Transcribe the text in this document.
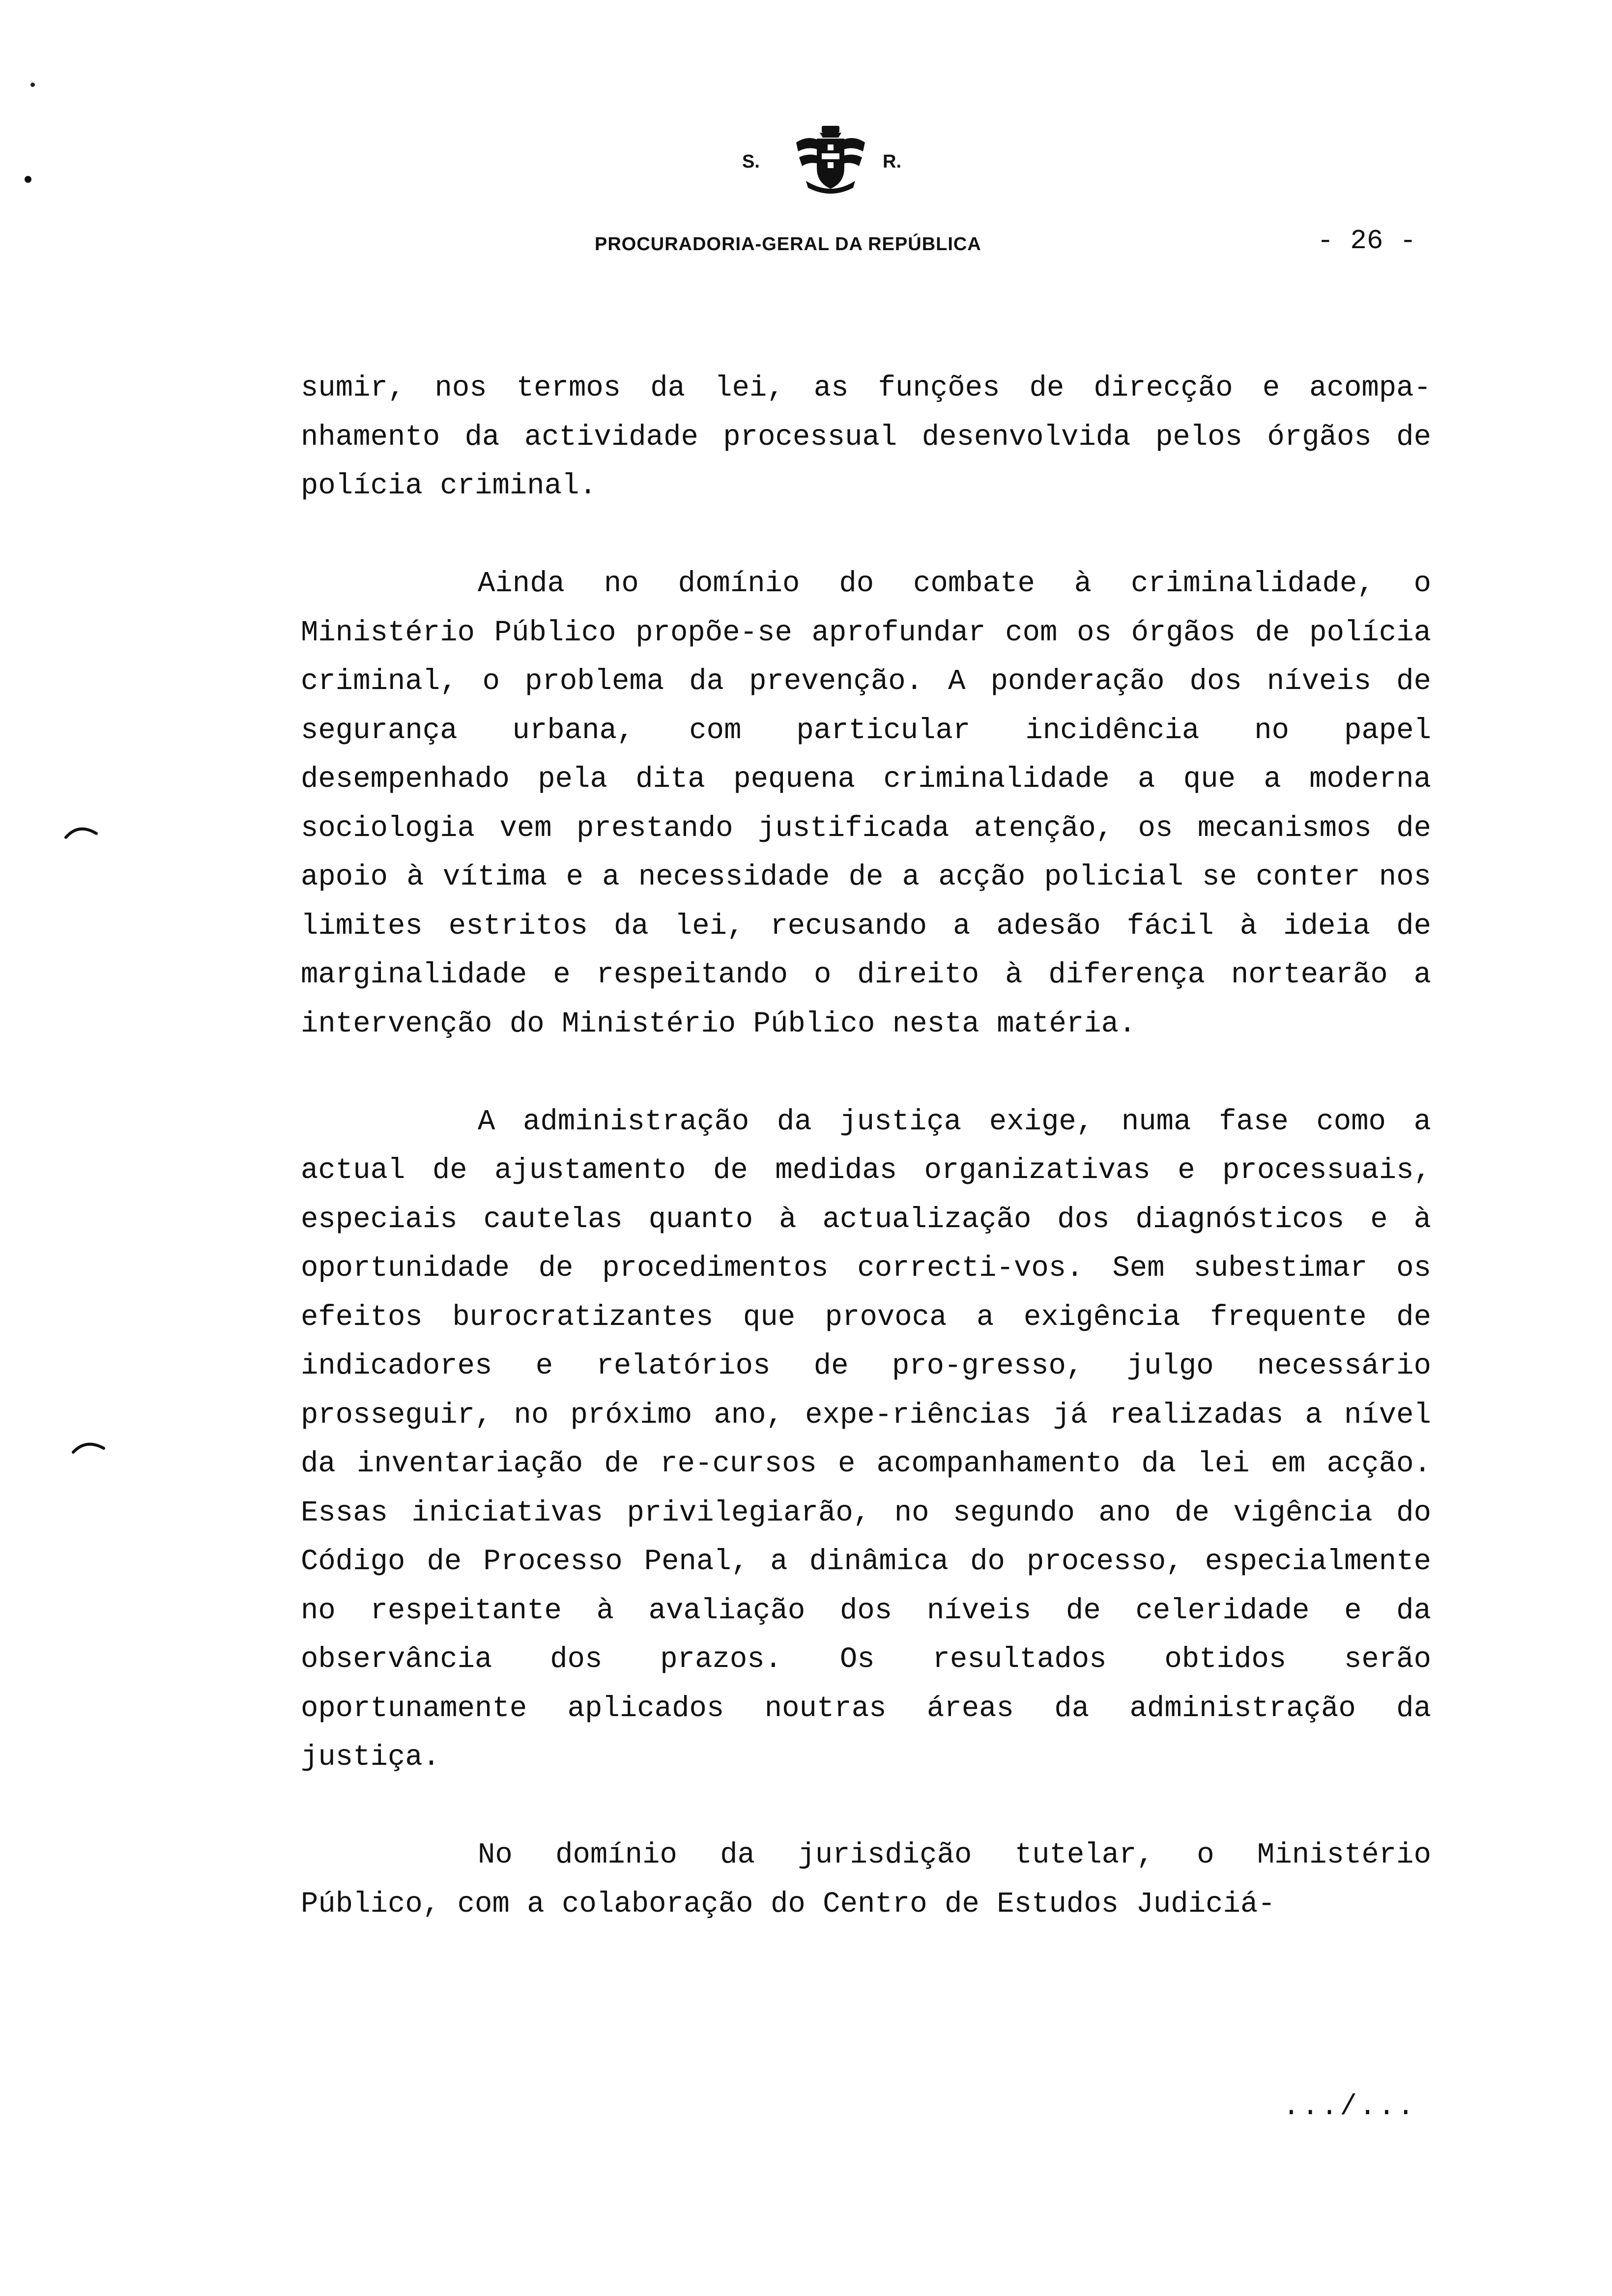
S.	R.
PROCURADORIA-GERAL DA REPÚBLICA	- 26 -

sumir, nos termos da lei, as funções de direcção e acompa-nhamento da actividade processual desenvolvida pelos órgãos de polícia criminal.

Ainda no domínio do combate à criminalidade, o Ministério Público propõe-se aprofundar com os órgãos de polícia criminal, o problema da prevenção. A ponderação dos níveis de segurança urbana, com particular incidência no papel desempenhado pela dita pequena criminalidade a que a moderna sociologia vem prestando justificada atenção, os mecanismos de apoio à vítima e a necessidade de a acção policial se conter nos limites estritos da lei, recusando a adesão fácil à ideia de marginalidade e respeitando o direito à diferença nortearão a intervenção do Ministério Público nesta matéria.

A administração da justiça exige, numa fase como a actual de ajustamento de medidas organizativas e processuais, especiais cautelas quanto à actualização dos diagnósticos e à oportunidade de procedimentos correcti-vos. Sem subestimar os efeitos burocratizantes que provoca a exigência frequente de indicadores e relatórios de pro-gresso, julgo necessário prosseguir, no próximo ano, expe-riências já realizadas a nível da inventariação de re-cursos e acompanhamento da lei em acção. Essas iniciativas privilegiarão, no segundo ano de vigência do Código de Processo Penal, a dinâmica do processo, especialmente no respeitante à avaliação dos níveis de celeridade e da observância dos prazos. Os resultados obtidos serão oportunamente aplicados noutras áreas da administração da justiça.

No domínio da jurisdição tutelar, o Ministério Público, com a colaboração do Centro de Estudos Judiciá-

.../...
